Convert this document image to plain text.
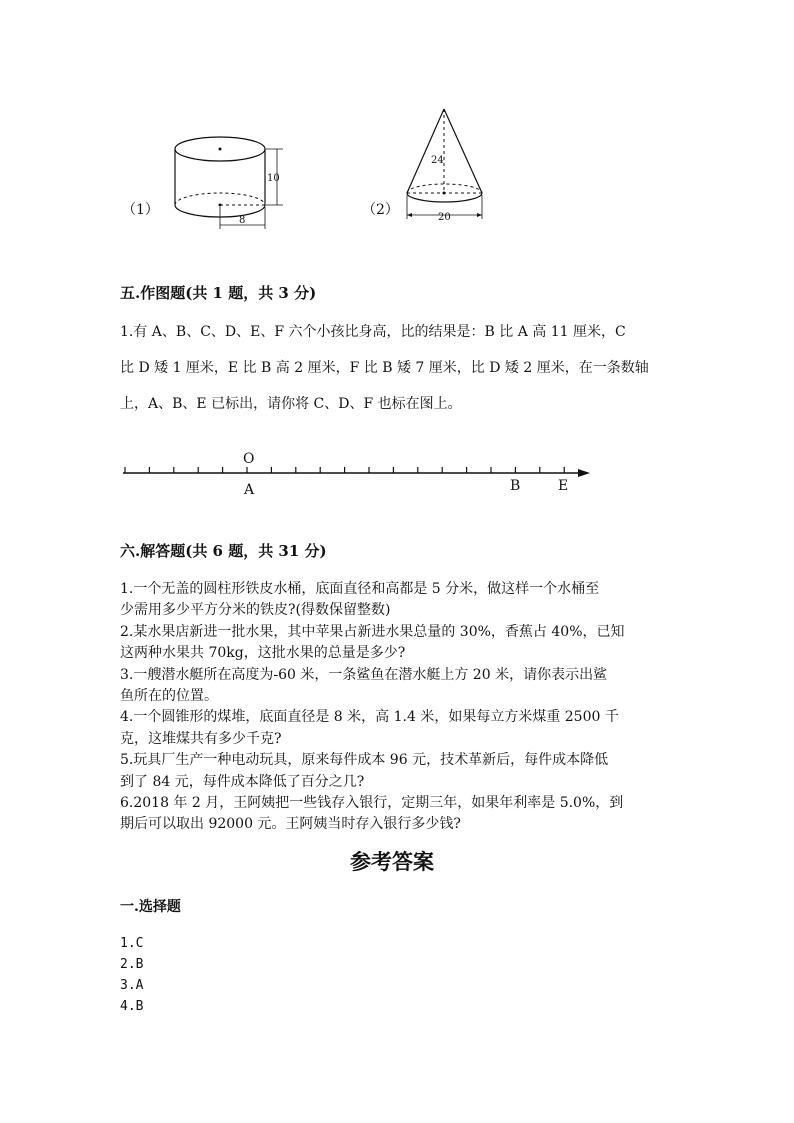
（1）
10
8
（2）
24
20
五.作图题(共 1 题，共 3 分)
1.有 A、B、C、D、E、F 六个小孩比身高，比的结果是：B 比 A 高 11 厘米，C
比 D 矮 1 厘米，E 比 B 高 2 厘米，F 比 B 矮 7 厘米，比 D 矮 2 厘米，在一条数轴
上，A、B、E 已标出，请你将 C、D、F 也标在图上。
O
A	B	E
六.解答题(共 6 题，共 31 分)
1.一个无盖的圆柱形铁皮水桶，底面直径和高都是 5 分米，做这样一个水桶至
少需用多少平方分米的铁皮?(得数保留整数)
2.某水果店新进一批水果，其中苹果占新进水果总量的 30%，香蕉占 40%，已知
这两种水果共 70kg，这批水果的总量是多少?
3.一艘潜水艇所在高度为-60 米，一条鲨鱼在潜水艇上方 20 米，请你表示出鲨
鱼所在的位置。
4.一个圆锥形的煤堆，底面直径是 8 米，高 1.4 米，如果每立方米煤重 2500 千
克，这堆煤共有多少千克?
5.玩具厂生产一种电动玩具，原来每件成本 96 元，技术革新后，每件成本降低
到了 84 元，每件成本降低了百分之几?
6.2018 年 2 月，王阿姨把一些钱存入银行，定期三年，如果年利率是 5.0%，到
期后可以取出 92000 元。王阿姨当时存入银行多少钱?
参考答案
一.选择题
1.C
2.B
3.A
4.B
